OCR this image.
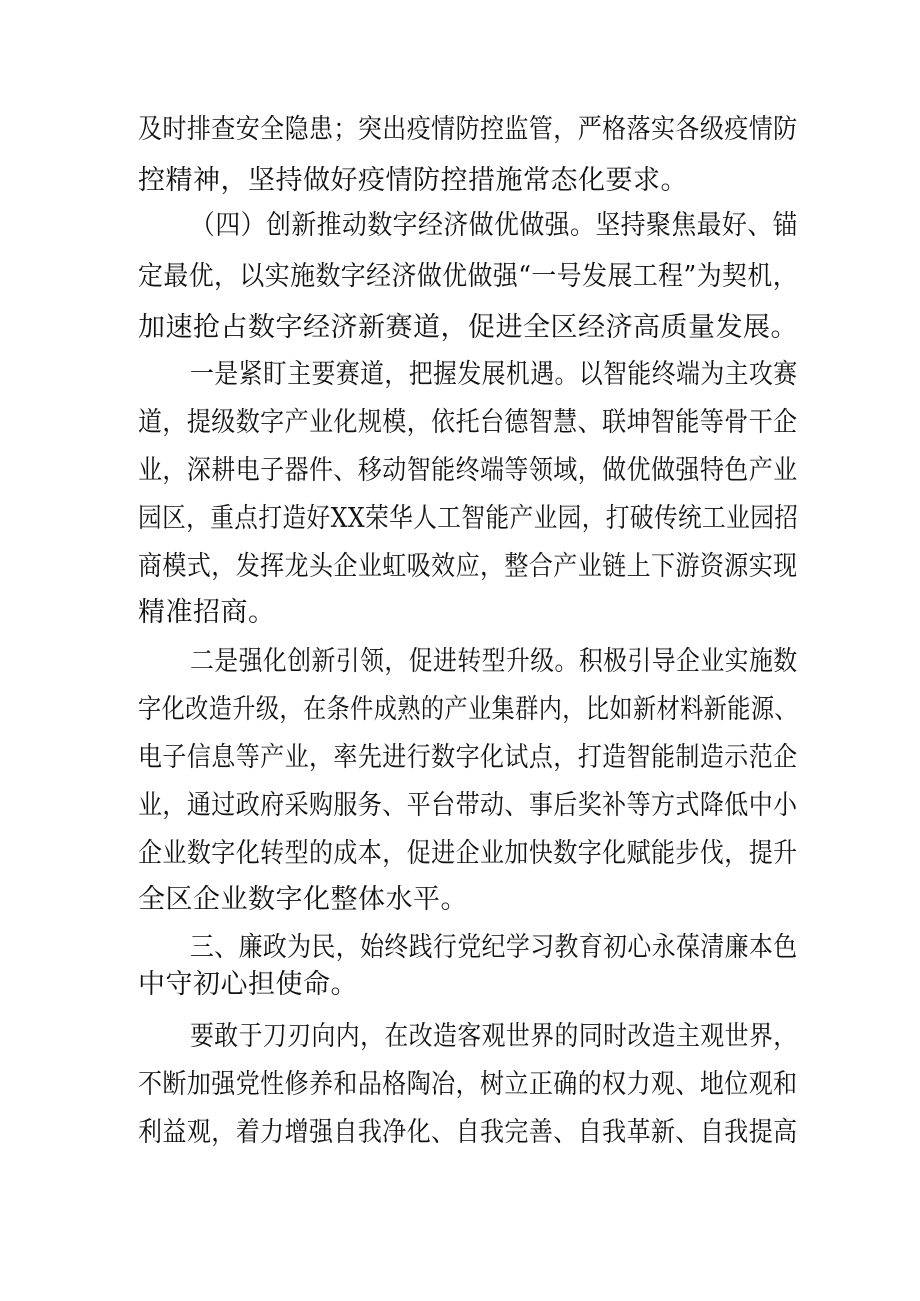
及时排查安全隐患；突出疫情防控监管，严格落实各级疫情防
控精神，坚持做好疫情防控措施常态化要求。
（四）创新推动数字经济做优做强。坚持聚焦最好、锚
定最优，以实施数字经济做优做强“一号发展工程”为契机，
加速抢占数字经济新赛道，促进全区经济高质量发展。
一是紧盯主要赛道，把握发展机遇。以智能终端为主攻赛
道，提级数字产业化规模，依托台德智慧、联坤智能等骨干企
业，深耕电子器件、移动智能终端等领域，做优做强特色产业
园区，重点打造好XX荣华人工智能产业园，打破传统工业园招
商模式，发挥龙头企业虹吸效应，整合产业链上下游资源实现
精准招商。
二是强化创新引领，促进转型升级。积极引导企业实施数
字化改造升级，在条件成熟的产业集群内，比如新材料新能源、
电子信息等产业，率先进行数字化试点，打造智能制造示范企
业，通过政府采购服务、平台带动、事后奖补等方式降低中小
企业数字化转型的成本，促进企业加快数字化赋能步伐，提升
全区企业数字化整体水平。
三、廉政为民，始终践行党纪学习教育初心永葆清廉本色
中守初心担使命。
要敢于刀刃向内，在改造客观世界的同时改造主观世界，
不断加强党性修养和品格陶冶，树立正确的权力观、地位观和
利益观，着力增强自我净化、自我完善、自我革新、自我提高
